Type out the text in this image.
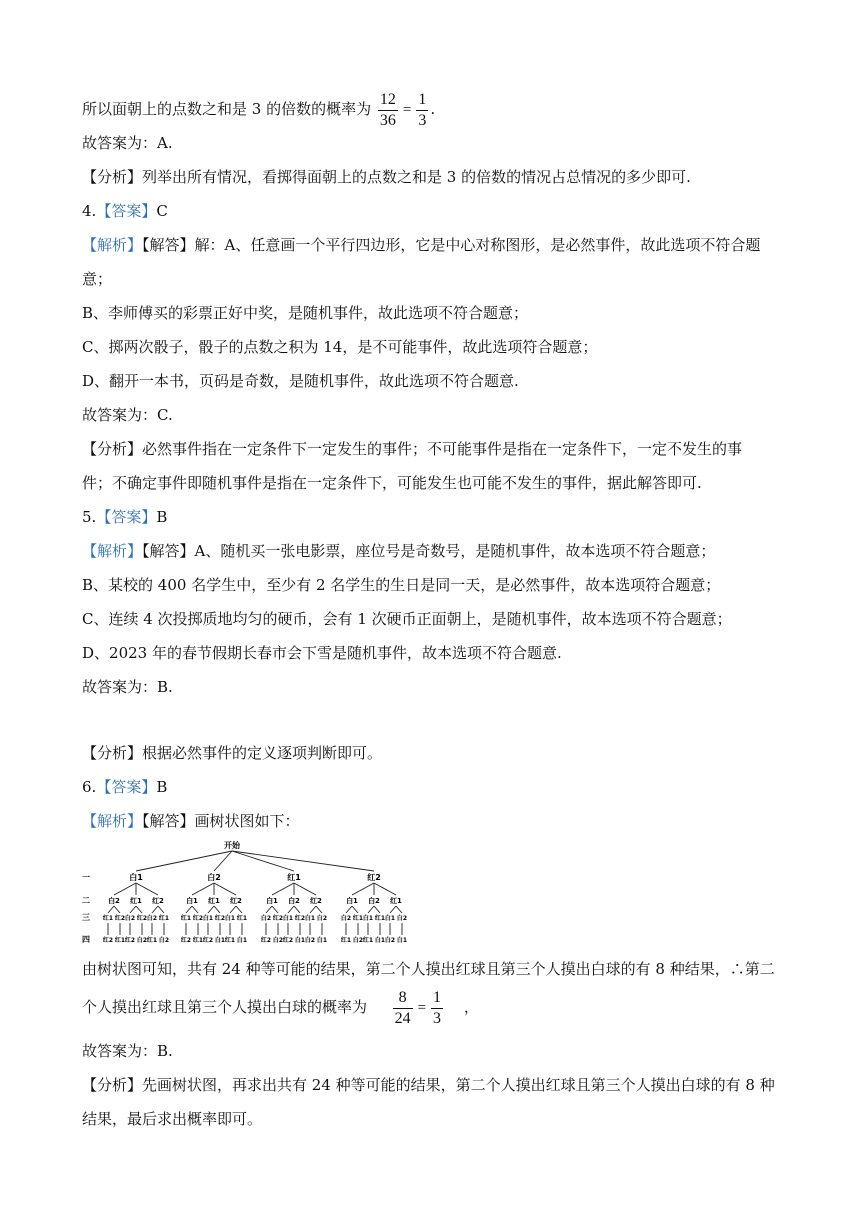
所以面朝上的点数之和是 3 的倍数的概率为 $\frac{12}{36} = \frac{1}{3}$ .
故答案为：A.
【分析】列举出所有情况，看掷得面朝上的点数之和是 3 的倍数的情况占总情况的多少即可.
4.【答案】C
【解析】【解答】解：A、任意画一个平行四边形，它是中心对称图形，是必然事件，故此选项不符合题
意；
B、李师傅买的彩票正好中奖，是随机事件，故此选项不符合题意；
C、掷两次骰子，骰子的点数之积为 14，是不可能事件，故此选项符合题意；
D、翻开一本书，页码是奇数，是随机事件，故此选项不符合题意.
故答案为：C.
【分析】必然事件指在一定条件下一定发生的事件；不可能事件是指在一定条件下，一定不发生的事
件；不确定事件即随机事件是指在一定条件下，可能发生也可能不发生的事件，据此解答即可.
5.【答案】B
【解析】【解答】A、随机买一张电影票，座位号是奇数号，是随机事件，故本选项不符合题意；
B、某校的 400 名学生中，至少有 2 名学生的生日是同一天，是必然事件，故本选项符合题意；
C、连续 4 次投掷质地均匀的硬币，会有 1 次硬币正面朝上，是随机事件，故本选项不符合题意；
D、2023 年的春节假期长春市会下雪是随机事件，故本选项不符合题意.
故答案为：B.
【分析】根据必然事件的定义逐项判断即可。
6.【答案】B
【解析】【解答】画树状图如下：
开始
一
二
三
四
白1	白2	红1	红2
白2 红1 红2	白1 红1 红2	白1 白2 红2	白1 白2 红1
红1
红2
红2
红1
白2
红2
红2
白2
白2
红1
红1
白2
红1
红2
红2
红1
白1
红2
红2
白1
白1
红1
红1
白1
白2
红2
红2
白2
白1
红2
红2
白1
白1
白2
白2
白1
白2
红1
红1
白2
白1
红1
红1
白1
白1
白2
白2
白1
由树状图可知，共有 24 种等可能的结果，第二个人摸出红球且第三个人摸出白球的有 8 种结果，∴第二
个人摸出红球且第三个人摸出白球的概率为 $\frac{8}{24} = \frac{1}{3}$ ，
故答案为：B.
【分析】先画树状图，再求出共有 24 种等可能的结果，第二个人摸出红球且第三个人摸出白球的有 8 种
结果，最后求出概率即可。
